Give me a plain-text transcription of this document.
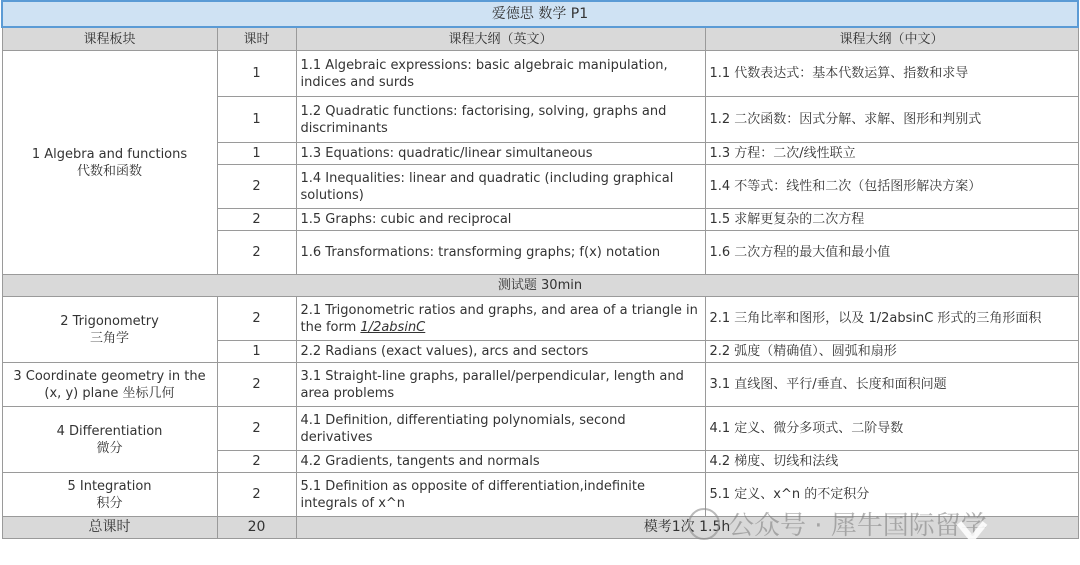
爱德思 数学 P1			
课程板块	课时	课程大纲（英文）	课程大纲（中文）

1 Algebra and functions
代数和函数	1	1.1 Algebraic expressions: basic algebraic manipulation, indices and surds	1.1 代数表达式：基本代数运算、指数和求导
	1	1.2 Quadratic functions: factorising, solving, graphs and discriminants	1.2 二次函数：因式分解、求解、图形和判别式
	1	1.3 Equations: quadratic/linear simultaneous	1.3 方程：二次/线性联立
	2	1.4 Inequalities: linear and quadratic (including graphical solutions)	1.4 不等式：线性和二次（包括图形解决方案）
	2	1.5 Graphs: cubic and reciprocal	1.5 求解更复杂的二次方程
	2	1.6 Transformations: transforming graphs; f(x) notation	1.6 二次方程的最大值和最小值
测试题 30min			

2 Trigonometry
三角学	2	2.1 Trigonometric ratios and graphs, and area of a triangle in the form 1/2absinC	2.1 三角比率和图形，以及 1/2absinC 形式的三角形面积
	1	2.2 Radians (exact values), arcs and sectors	2.2 弧度（精确值）、圆弧和扇形

3 Coordinate geometry in the (x, y) plane 坐标几何	2	3.1 Straight-line graphs, parallel/perpendicular, length and area problems	3.1 直线图、平行/垂直、长度和面积问题

4 Differentiation
微分	2	4.1 Definition, differentiating polynomials, second derivatives	4.1 定义、微分多项式、二阶导数
	2	4.2 Gradients, tangents and normals	4.2 梯度、切线和法线

5 Integration
积分	2	5.1 Definition as opposite of differentiation,indefinite integrals of x^n	5.1 定义、x^n 的不定积分
总课时	20	模考1次 1.5h	
公众号 · 犀牛国际留学
X-NEW
